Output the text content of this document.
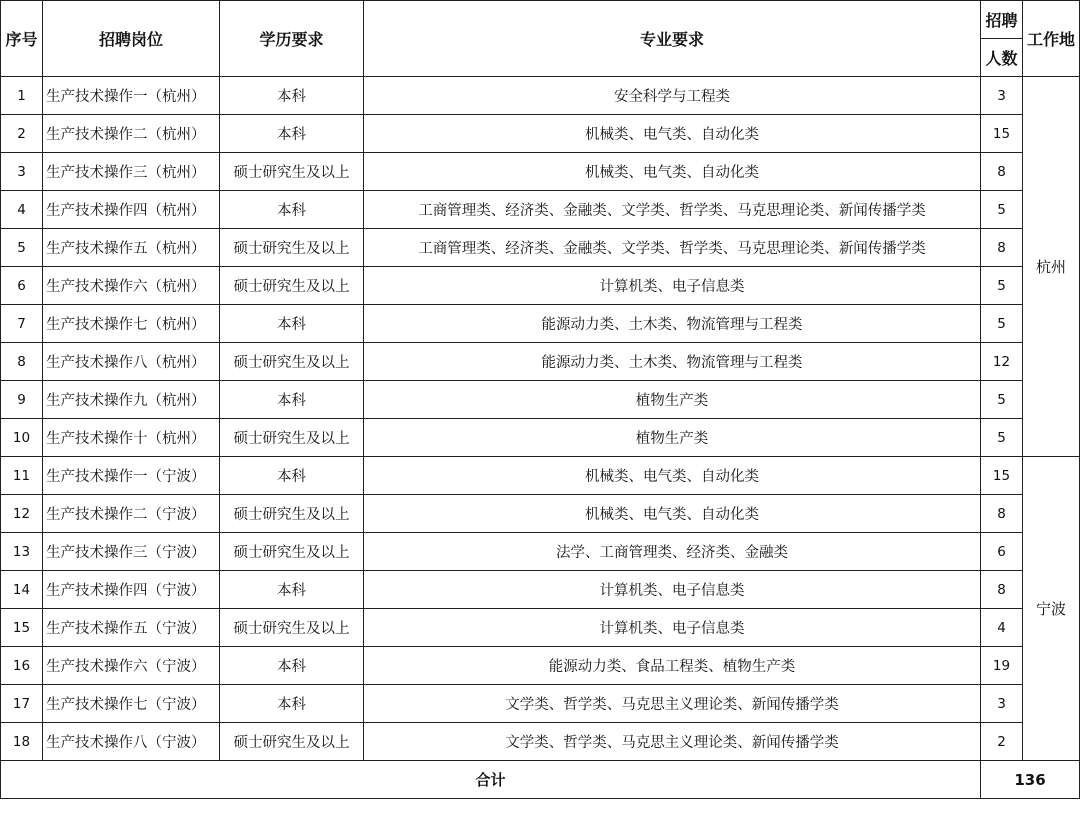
序号	招聘岗位	学历要求	专业要求	招聘	工作地
				人数	
1	生产技术操作一（杭州）	本科	安全科学与工程类	3	杭州
2	生产技术操作二（杭州）	本科	机械类、电气类、自动化类	15	
3	生产技术操作三（杭州）	硕士研究生及以上	机械类、电气类、自动化类	8	
4	生产技术操作四（杭州）	本科	工商管理类、经济类、金融类、文学类、哲学类、马克思理论类、新闻传播学类	5	
5	生产技术操作五（杭州）	硕士研究生及以上	工商管理类、经济类、金融类、文学类、哲学类、马克思理论类、新闻传播学类	8	
6	生产技术操作六（杭州）	硕士研究生及以上	计算机类、电子信息类	5	
7	生产技术操作七（杭州）	本科	能源动力类、土木类、物流管理与工程类	5	
8	生产技术操作八（杭州）	硕士研究生及以上	能源动力类、土木类、物流管理与工程类	12	
9	生产技术操作九（杭州）	本科	植物生产类	5	
10	生产技术操作十（杭州）	硕士研究生及以上	植物生产类	5	
11	生产技术操作一（宁波）	本科	机械类、电气类、自动化类	15	宁波
12	生产技术操作二（宁波）	硕士研究生及以上	机械类、电气类、自动化类	8	
13	生产技术操作三（宁波）	硕士研究生及以上	法学、工商管理类、经济类、金融类	6	
14	生产技术操作四（宁波）	本科	计算机类、电子信息类	8	
15	生产技术操作五（宁波）	硕士研究生及以上	计算机类、电子信息类	4	
16	生产技术操作六（宁波）	本科	能源动力类、食品工程类、植物生产类	19	
17	生产技术操作七（宁波）	本科	文学类、哲学类、马克思主义理论类、新闻传播学类	3	
18	生产技术操作八（宁波）	硕士研究生及以上	文学类、哲学类、马克思主义理论类、新闻传播学类	2	
合计				136	
